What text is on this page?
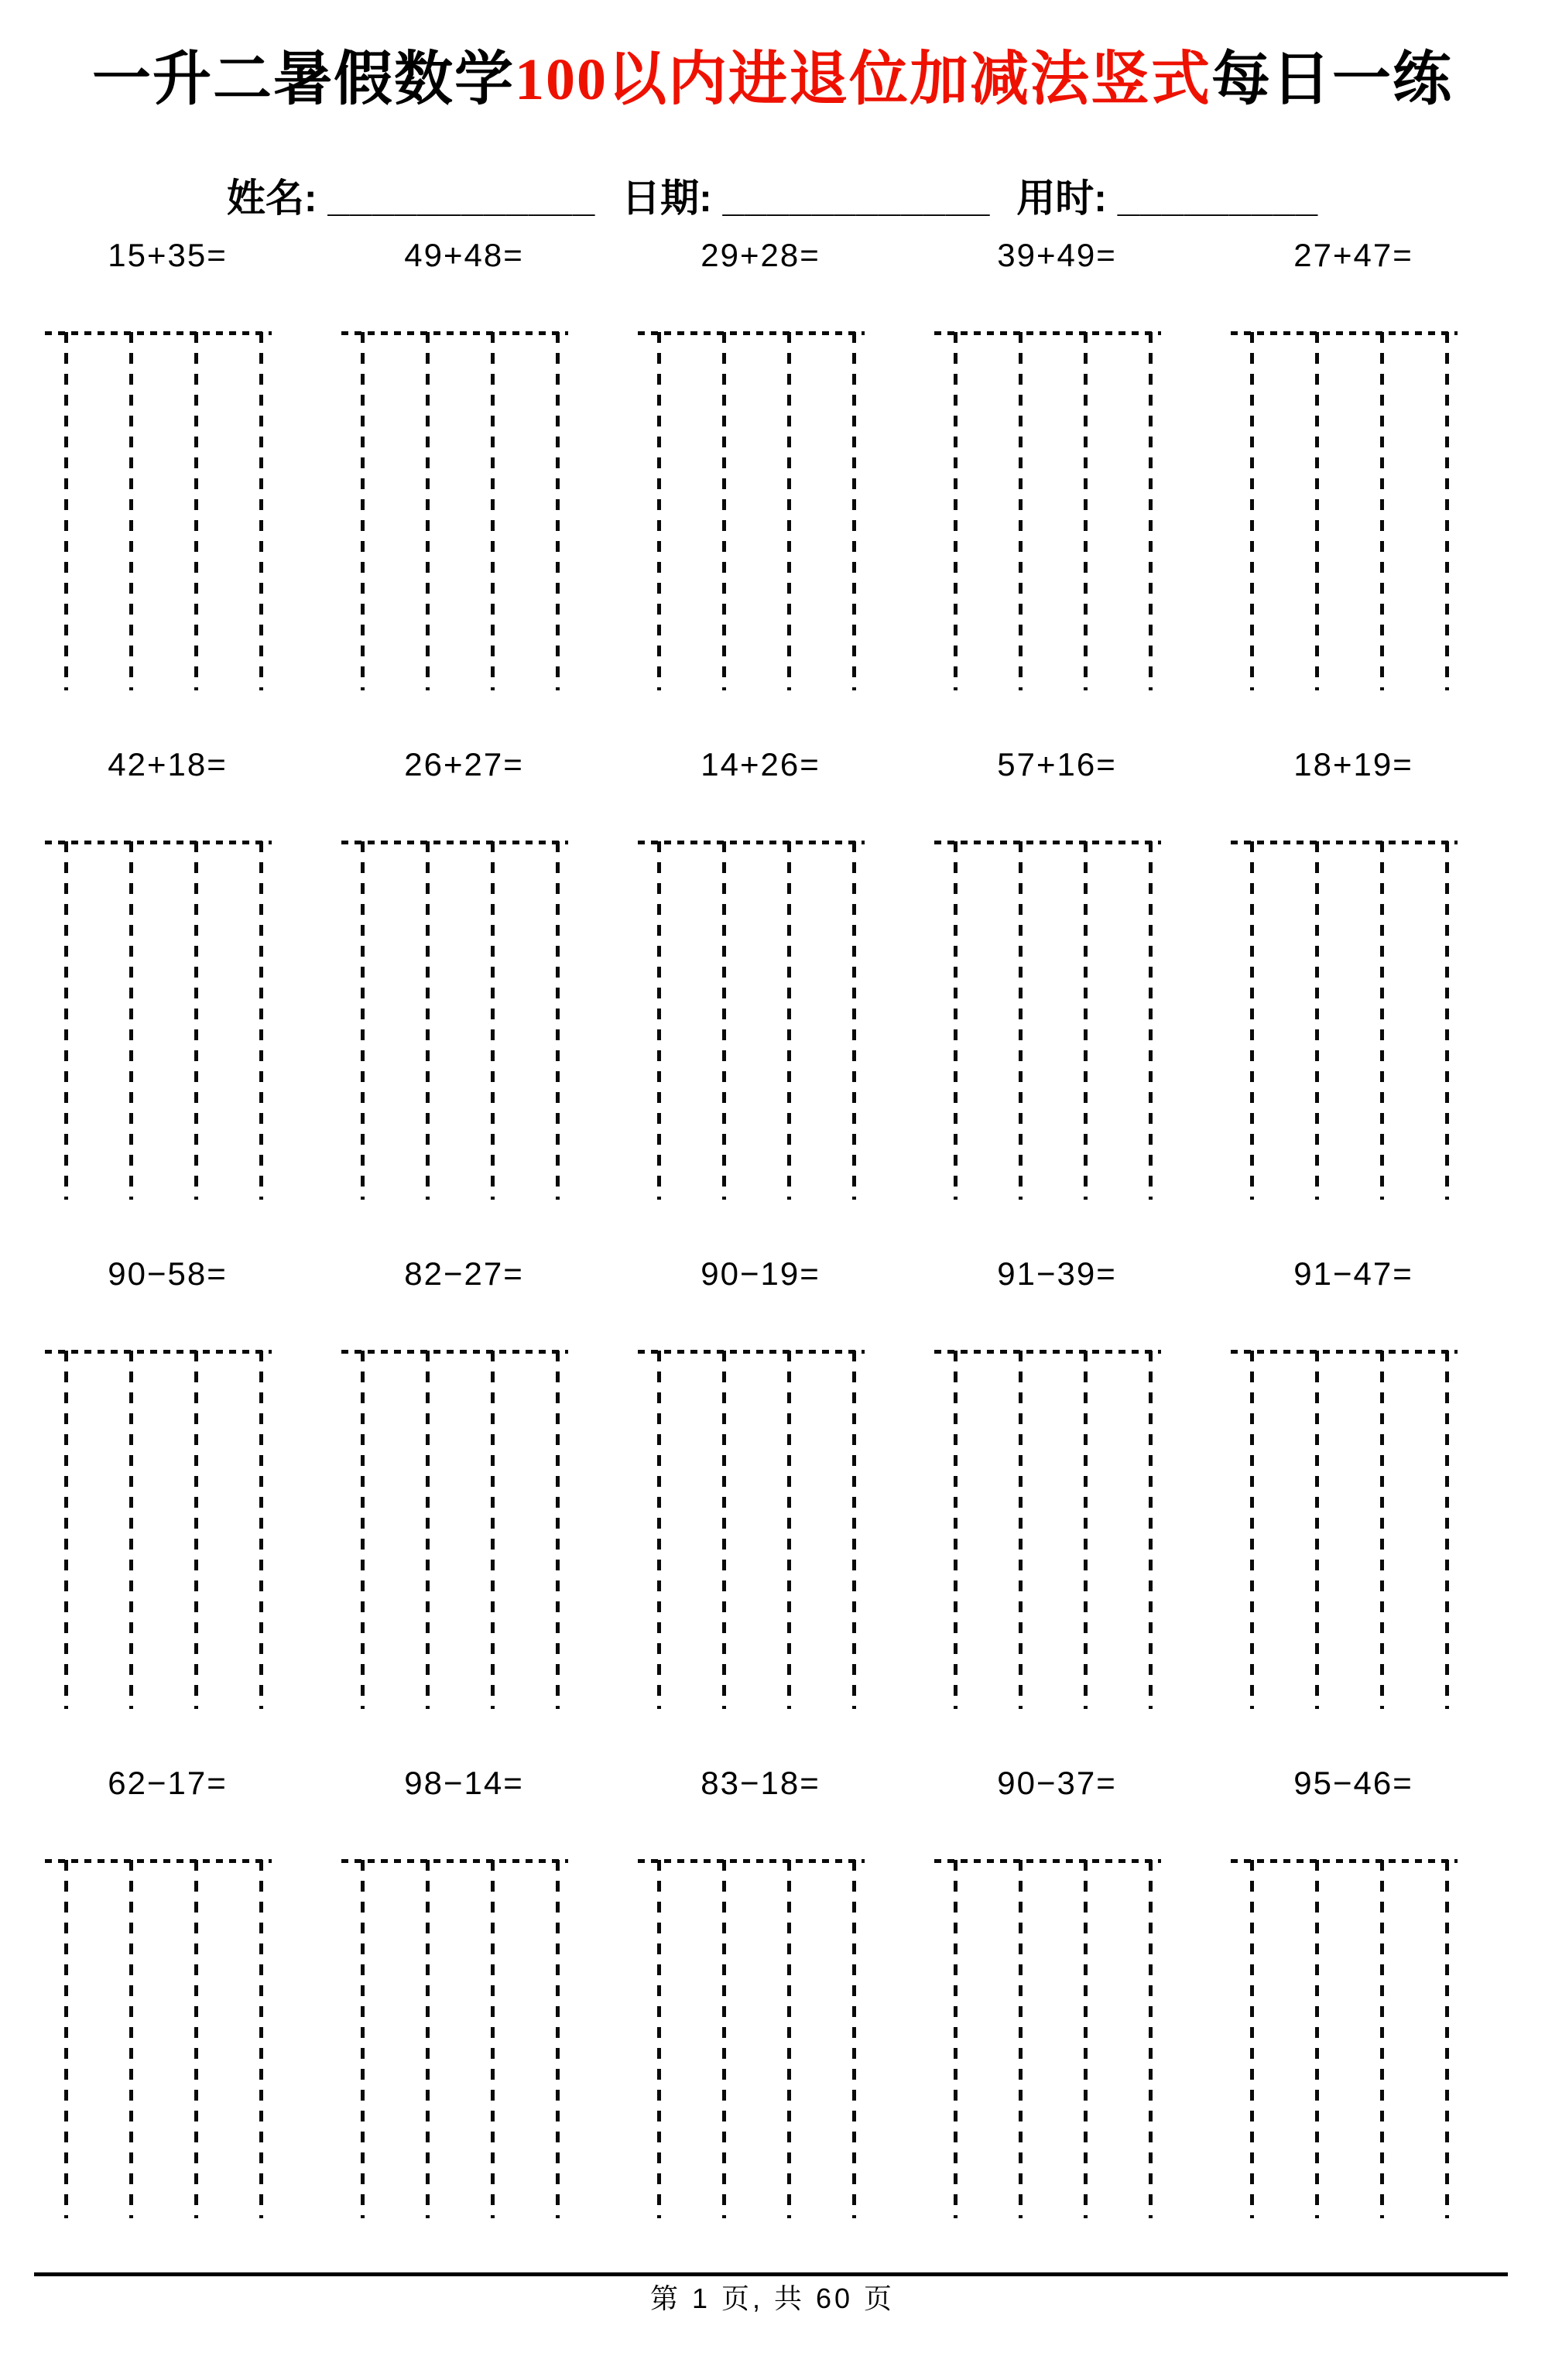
一升二暑假数学100以内进退位加减法竖式每日一练
姓名: ____________ 日期: ____________ 用时: _________
15+35=	49+48=	29+28=	39+49=	27+47=
42+18=	26+27=	14+26=	57+16=	18+19=
90−58=	82−27=	90−19=	91−39=	91−47=
62−17=	98−14=	83−18=	90−37=	95−46=
第 1 页, 共 60 页
